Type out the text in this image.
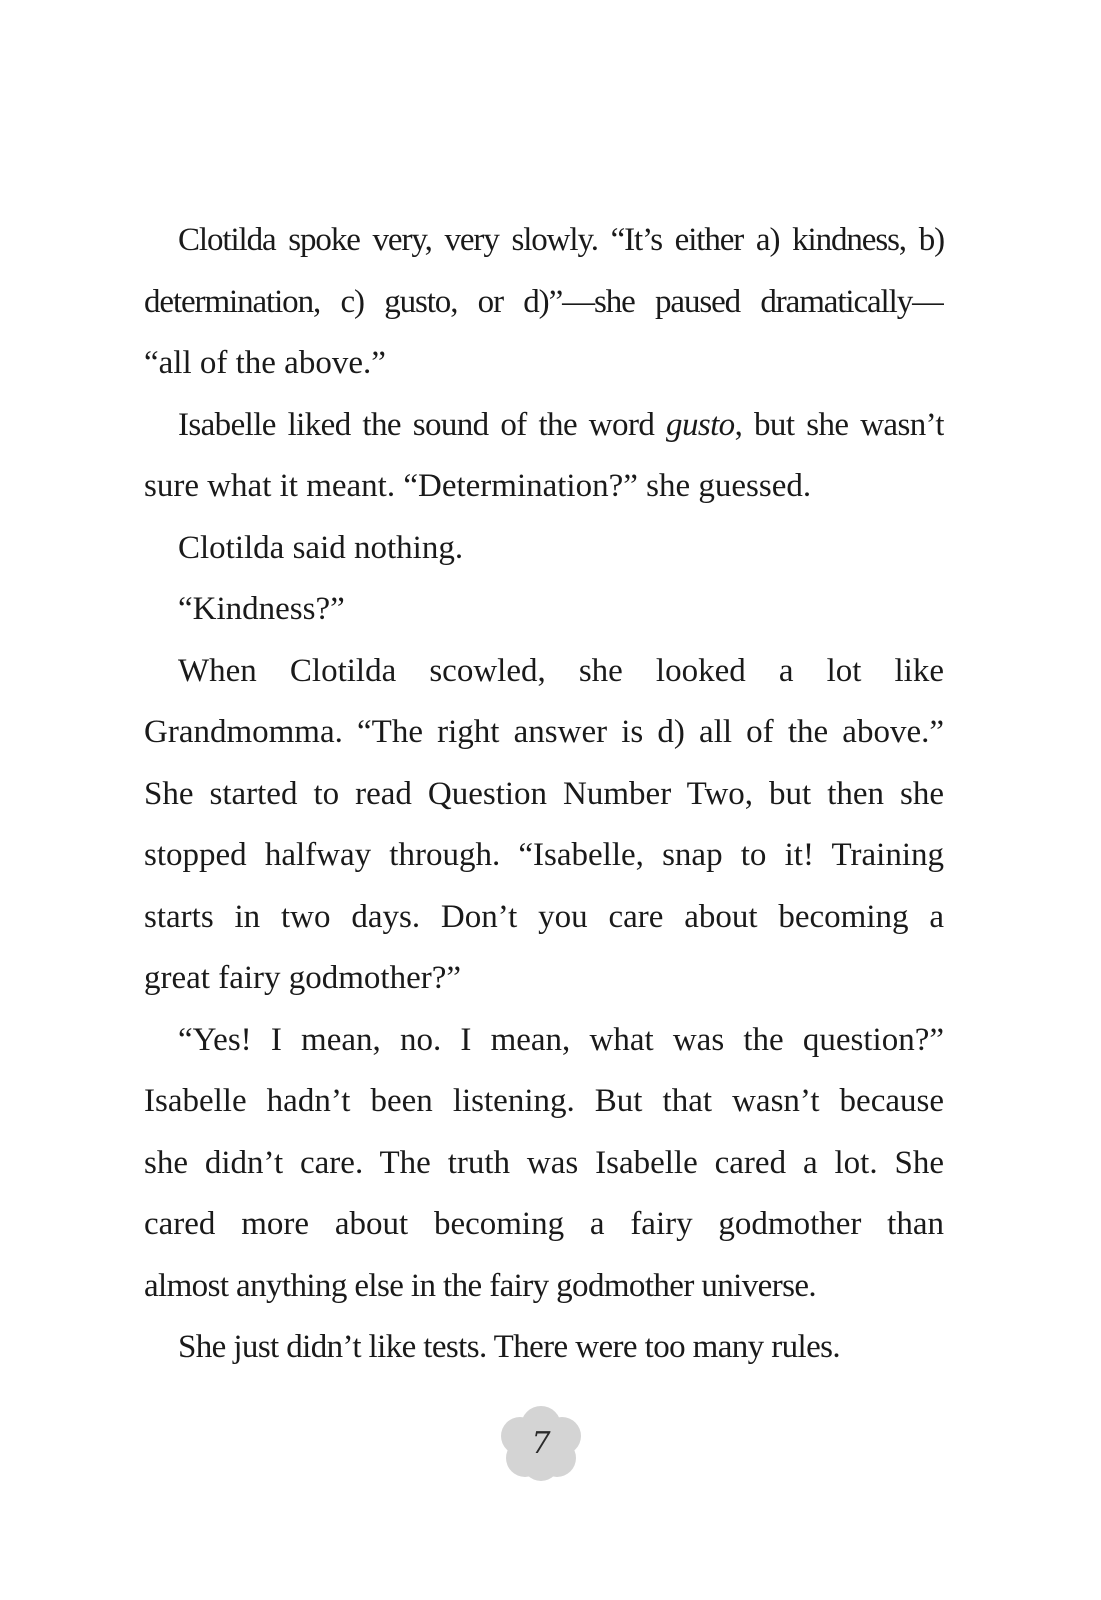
Clotilda spoke very, very slowly. “It’s either a) kindness, b)
determination, c) gusto, or d)”—she paused dramatically—
“all of the above.”
Isabelle liked the sound of the word gusto, but she wasn’t
sure what it meant. “Determination?” she guessed.
Clotilda said nothing.
“Kindness?”
When Clotilda scowled, she looked a lot like
Grandmomma. “The right answer is d) all of the above.”
She started to read Question Number Two, but then she
stopped halfway through. “Isabelle, snap to it! Training
starts in two days. Don’t you care about becoming a
great fairy godmother?”
“Yes! I mean, no. I mean, what was the question?”
Isabelle hadn’t been listening. But that wasn’t because
she didn’t care. The truth was Isabelle cared a lot. She
cared more about becoming a fairy godmother than
almost anything else in the fairy godmother universe.
She just didn’t like tests. There were too many rules.
7
